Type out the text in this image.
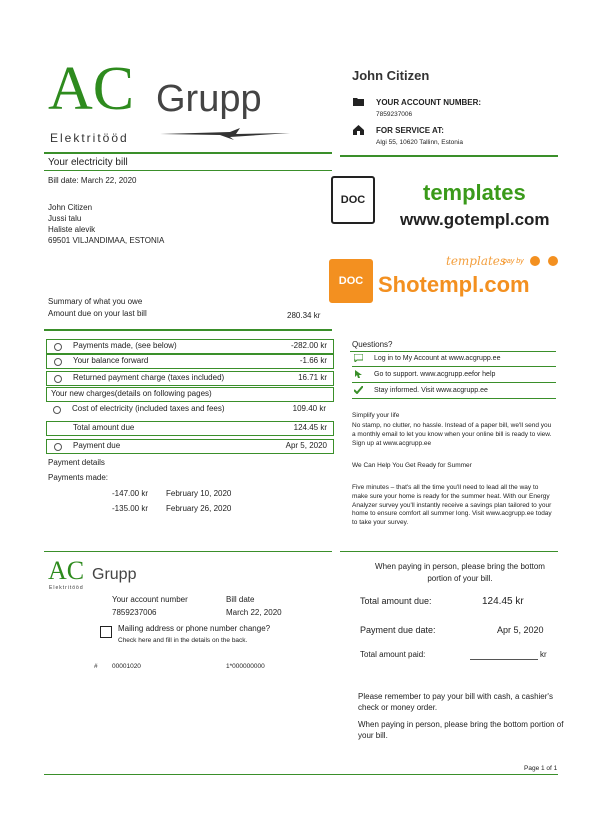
AC Grupp
Elektritööd
John Citizen
YOUR ACCOUNT NUMBER:
7859237006
FOR SERVICE AT:
Algi 55, 10620 Tallinn, Estonia
Your electricity bill
Bill date: March 22, 2020
John Citizen
Jussi talu
Haliste alevik
69501 VILJANDIMAA, ESTONIA
DOC	templates
www.gotempl.com
DOC
templates
pay by
Shotempl.com
Summary of what you owe
Amount due on your last bill	280.34 kr
Payments made, (see below)	-282.00 kr
Your balance forward	-1.66 kr
Returned payment charge (taxes included)	16.71 kr
Your new charges(details on following pages)
Cost of electricity (included taxes and fees)	109.40 kr
Total amount due	124.45 kr
Payment due	Apr 5, 2020
Payment details
Payments made:
-147.00 kr February 10, 2020
-135.00 kr February 26, 2020
Questions?
Log in to My Account at www.acgrupp.ee
Go to support. www.acgrupp.eefor help
Stay informed. Visit www.acgrupp.ee
Simplify your life
No stamp, no clutter, no hassle. Instead of a paper bill, we'll send you a monthly email to let you know when your online bill is ready to view. Sign up at www.acgrupp.ee
We Can Help You Get Ready for Summer
Five minutes – that's all the time you'll need to lead all the way to make sure your home is ready for the summer heat. With our Energy Analyzer survey you'll instantly receive a savings plan tailored to your home to ensure comfort all summer long. Visit www.acgrupp.ee today to take your survey.
AC Grupp
Elektritööd
Your account number
7859237006
Bill date
March 22, 2020
Mailing address or phone number change?
Check here and fill in the details on the back.
# 00001020	1*000000000
When paying in person, please bring the bottom portion of your bill.
Total amount due:	124.45 kr
Payment due date:	Apr 5, 2020
Total amount paid:	kr
Please remember to pay your bill with cash, a cashier's check or money order.
When paying in person, please bring the bottom portion of your bill.
Page 1 of 1
